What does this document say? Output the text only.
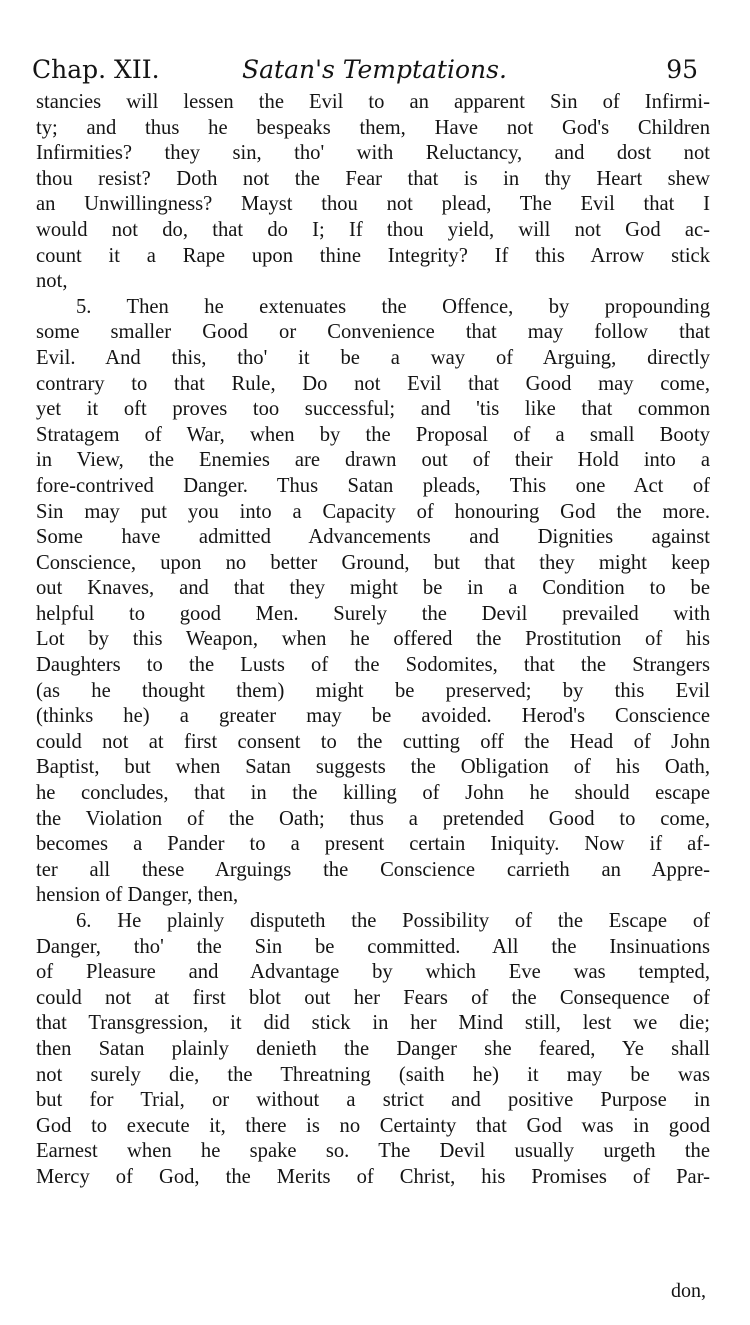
Chap. XII.	Satan's Temptations.	95
stancies will lessen the Evil to an apparent Sin of Infirmi-
ty; and thus he bespeaks them, Have not God's Children
Infirmities? they sin, tho' with Reluctancy, and dost not
thou resist? Doth not the Fear that is in thy Heart shew
an Unwillingness? Mayst thou not plead, The Evil that I
would not do, that do I; If thou yield, will not God ac-
count it a Rape upon thine Integrity? If this Arrow stick
not,
5. Then he extenuates the Offence, by propounding
some smaller Good or Convenience that may follow that
Evil. And this, tho' it be a way of Arguing, directly
contrary to that Rule, Do not Evil that Good may come,
yet it oft proves too successful; and 'tis like that common
Stratagem of War, when by the Proposal of a small Booty
in View, the Enemies are drawn out of their Hold into a
fore-contrived Danger. Thus Satan pleads, This one Act of
Sin may put you into a Capacity of honouring God the more.
Some have admitted Advancements and Dignities against
Conscience, upon no better Ground, but that they might keep
out Knaves, and that they might be in a Condition to be
helpful to good Men. Surely the Devil prevailed with
Lot by this Weapon, when he offered the Prostitution of his
Daughters to the Lusts of the Sodomites, that the Strangers
(as he thought them) might be preserved; by this Evil
(thinks he) a greater may be avoided. Herod's Conscience
could not at first consent to the cutting off the Head of John
Baptist, but when Satan suggests the Obligation of his Oath,
he concludes, that in the killing of John he should escape
the Violation of the Oath; thus a pretended Good to come,
becomes a Pander to a present certain Iniquity. Now if af-
ter all these Arguings the Conscience carrieth an Appre-
hension of Danger, then,
6. He plainly disputeth the Possibility of the Escape of
Danger, tho' the Sin be committed. All the Insinuations
of Pleasure and Advantage by which Eve was tempted,
could not at first blot out her Fears of the Consequence of
that Transgression, it did stick in her Mind still, lest we die;
then Satan plainly denieth the Danger she feared, Ye shall
not surely die, the Threatning (saith he) it may be was
but for Trial, or without a strict and positive Purpose in
God to execute it, there is no Certainty that God was in good
Earnest when he spake so. The Devil usually urgeth the
Mercy of God, the Merits of Christ, his Promises of Par-
don,
